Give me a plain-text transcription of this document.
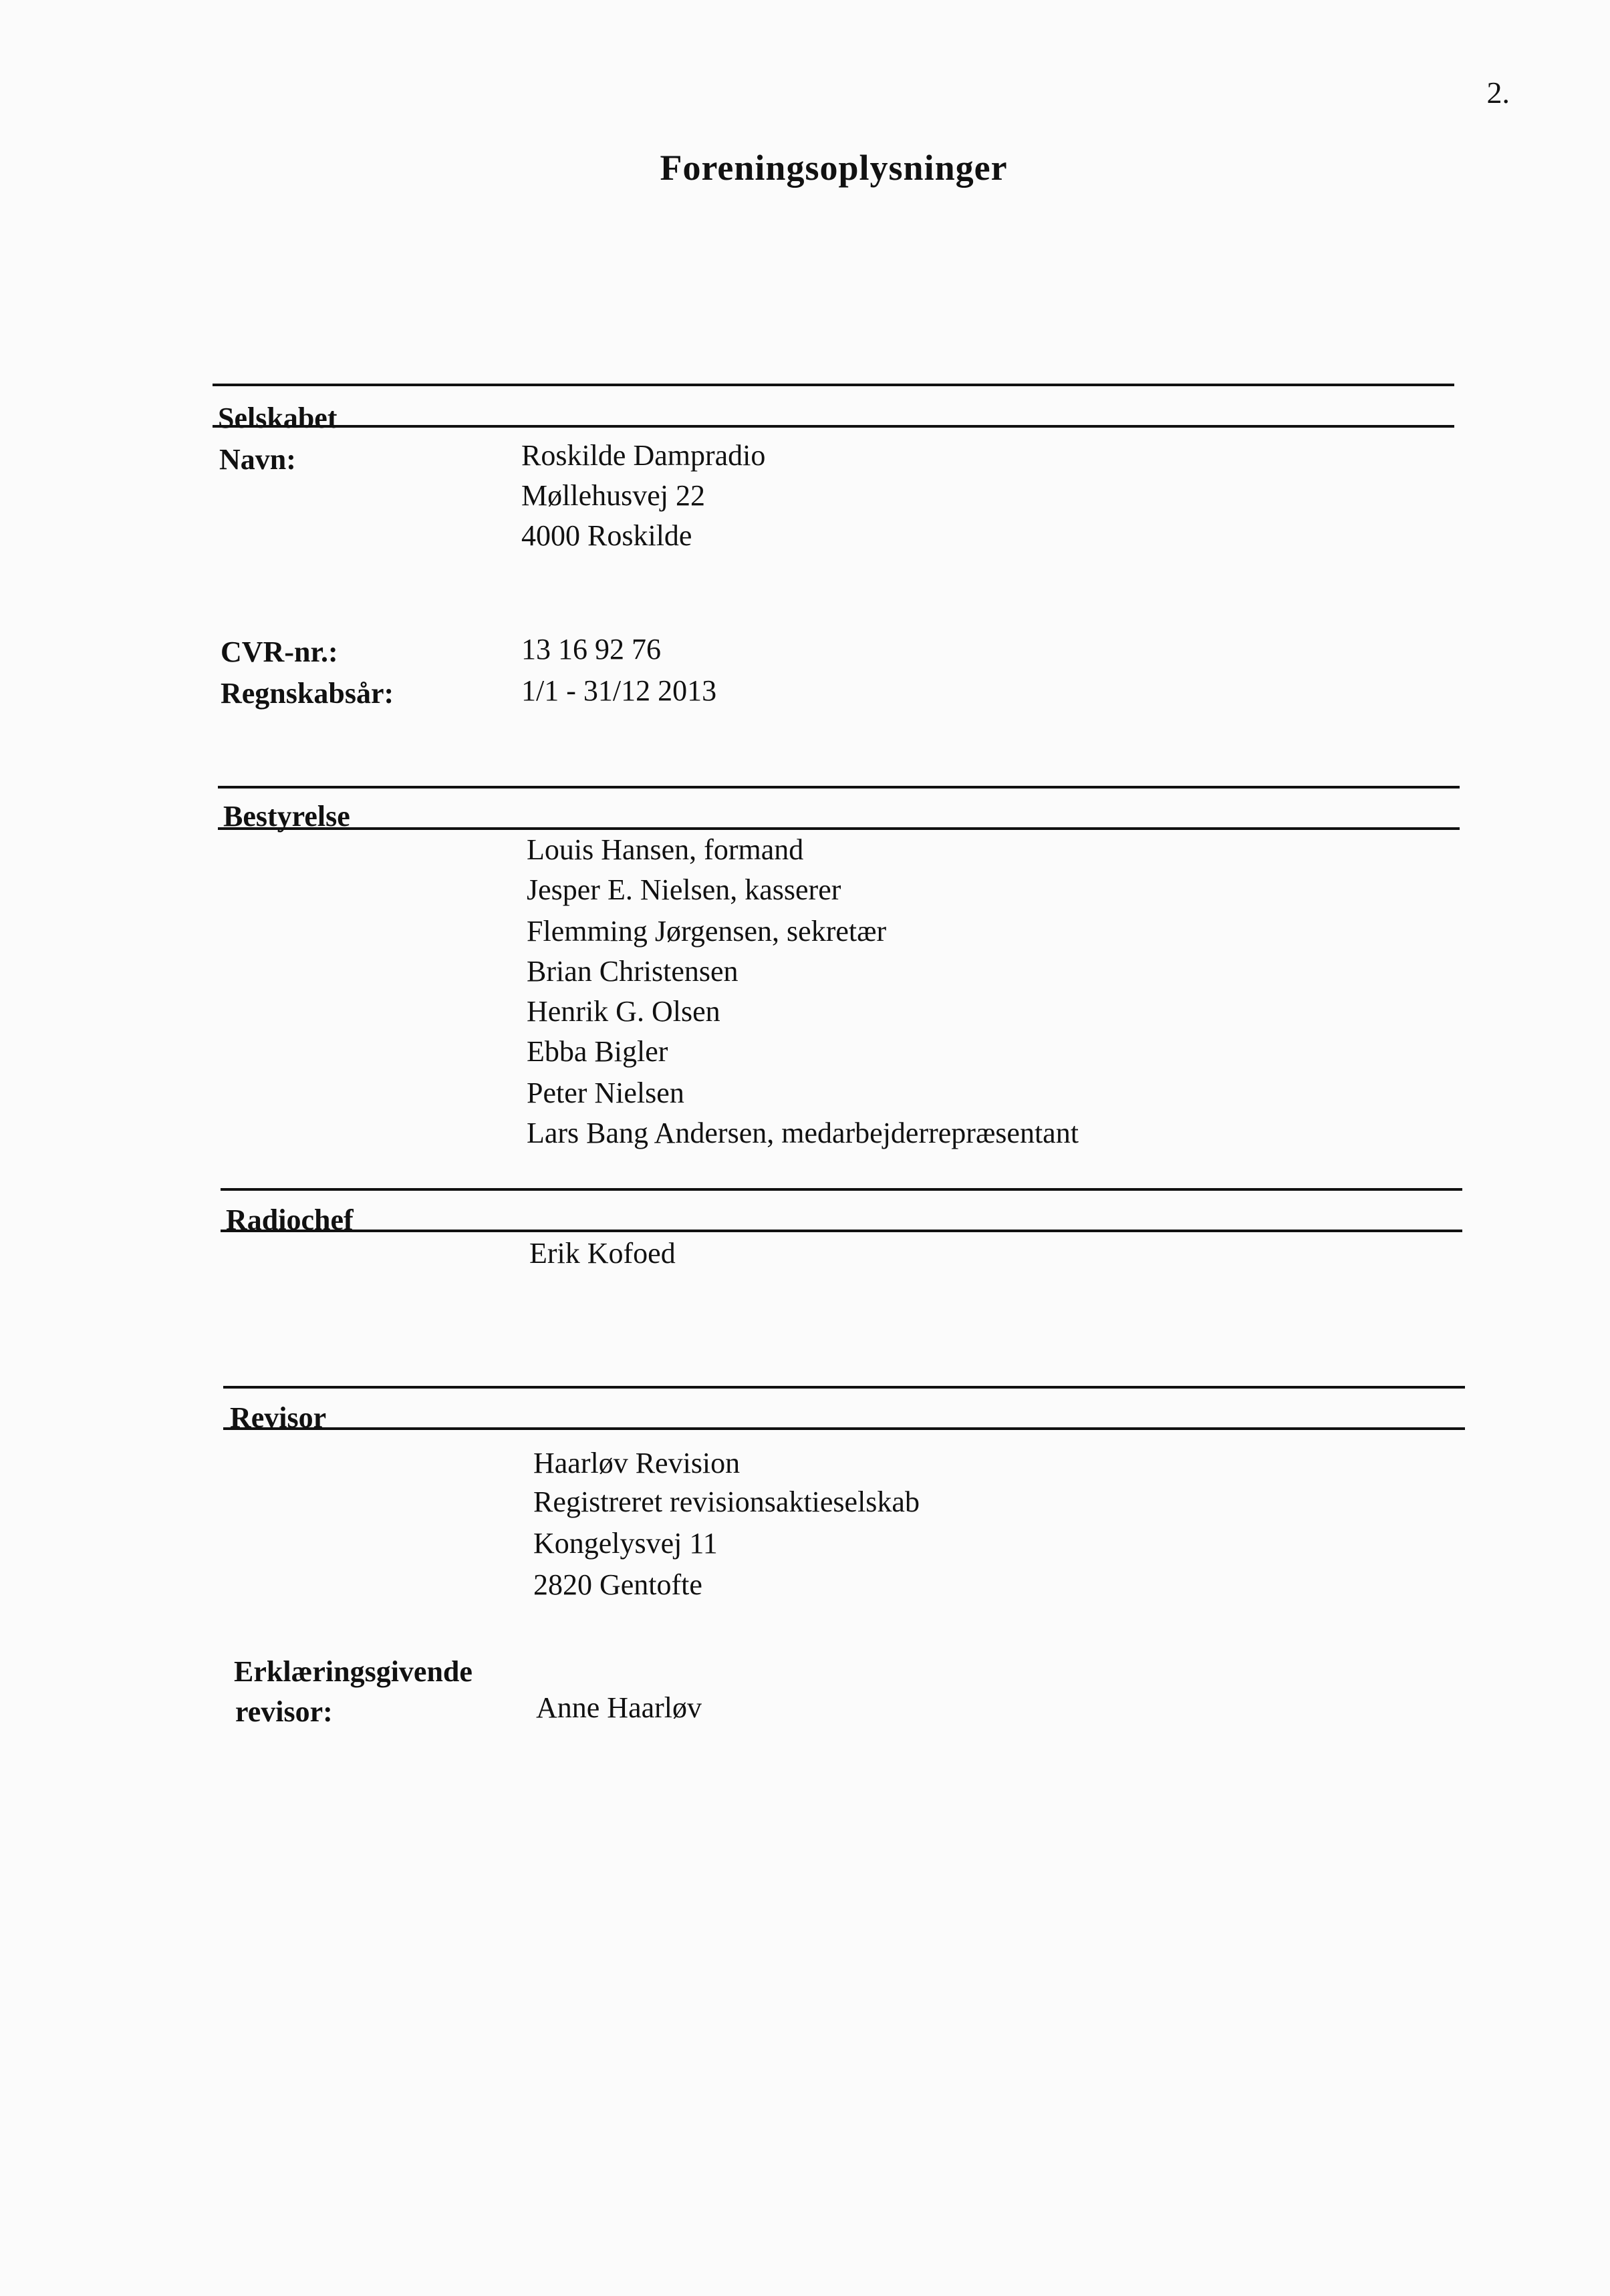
2.
Foreningsoplysninger
Selskabet
Navn:	Roskilde Dampradio
Møllehusvej 22
4000 Roskilde
CVR-nr.:	13 16 92 76
Regnskabsår:	1/1 - 31/12 2013
Bestyrelse
Louis Hansen, formand
Jesper E. Nielsen, kasserer
Flemming Jørgensen, sekretær
Brian Christensen
Henrik G. Olsen
Ebba Bigler
Peter Nielsen
Lars Bang Andersen, medarbejderrepræsentant
Radiochef
Erik Kofoed
Revisor
Haarløv Revision
Registreret revisionsaktieselskab
Kongelysvej 11
2820 Gentofte
Erklæringsgivende
revisor:	Anne Haarløv
